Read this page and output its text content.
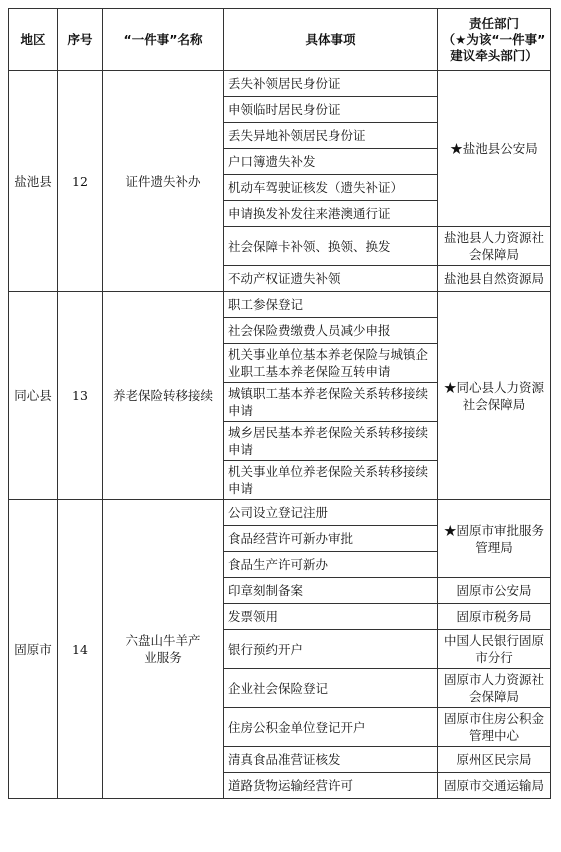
地区	序号	“一件事”名称	具体事项	责任部门
（★为该“一件事”
建议牵头部门）
盐池县	12	证件遗失补办	丢失补领居民身份证	★盐池县公安局
			申领临时居民身份证	
			丢失异地补领居民身份证	
			户口簿遗失补发	
			机动车驾驶证核发（遗失补证）	
			申请换发补发往来港澳通行证	
			社会保障卡补领、换领、换发	盐池县人力资源社会保障局
			不动产权证遗失补领	盐池县自然资源局
同心县	13	养老保险转移接续	职工参保登记	★同心县人力资源社会保障局
			社会保险费缴费人员减少申报	
			机关事业单位基本养老保险与城镇企业职工基本养老保险互转申请	
			城镇职工基本养老保险关系转移接续申请	
			城乡居民基本养老保险关系转移接续申请	
			机关事业单位养老保险关系转移接续申请	
固原市	14	六盘山牛羊产业服务	公司设立登记注册	★固原市审批服务管理局
			食品经营许可新办审批	
			食品生产许可新办	
			印章刻制备案	固原市公安局
			发票领用	固原市税务局
			银行预约开户	中国人民银行固原市分行
			企业社会保险登记	固原市人力资源社会保障局
			住房公积金单位登记开户	固原市住房公积金管理中心
			清真食品准营证核发	原州区民宗局
			道路货物运输经营许可	固原市交通运输局
